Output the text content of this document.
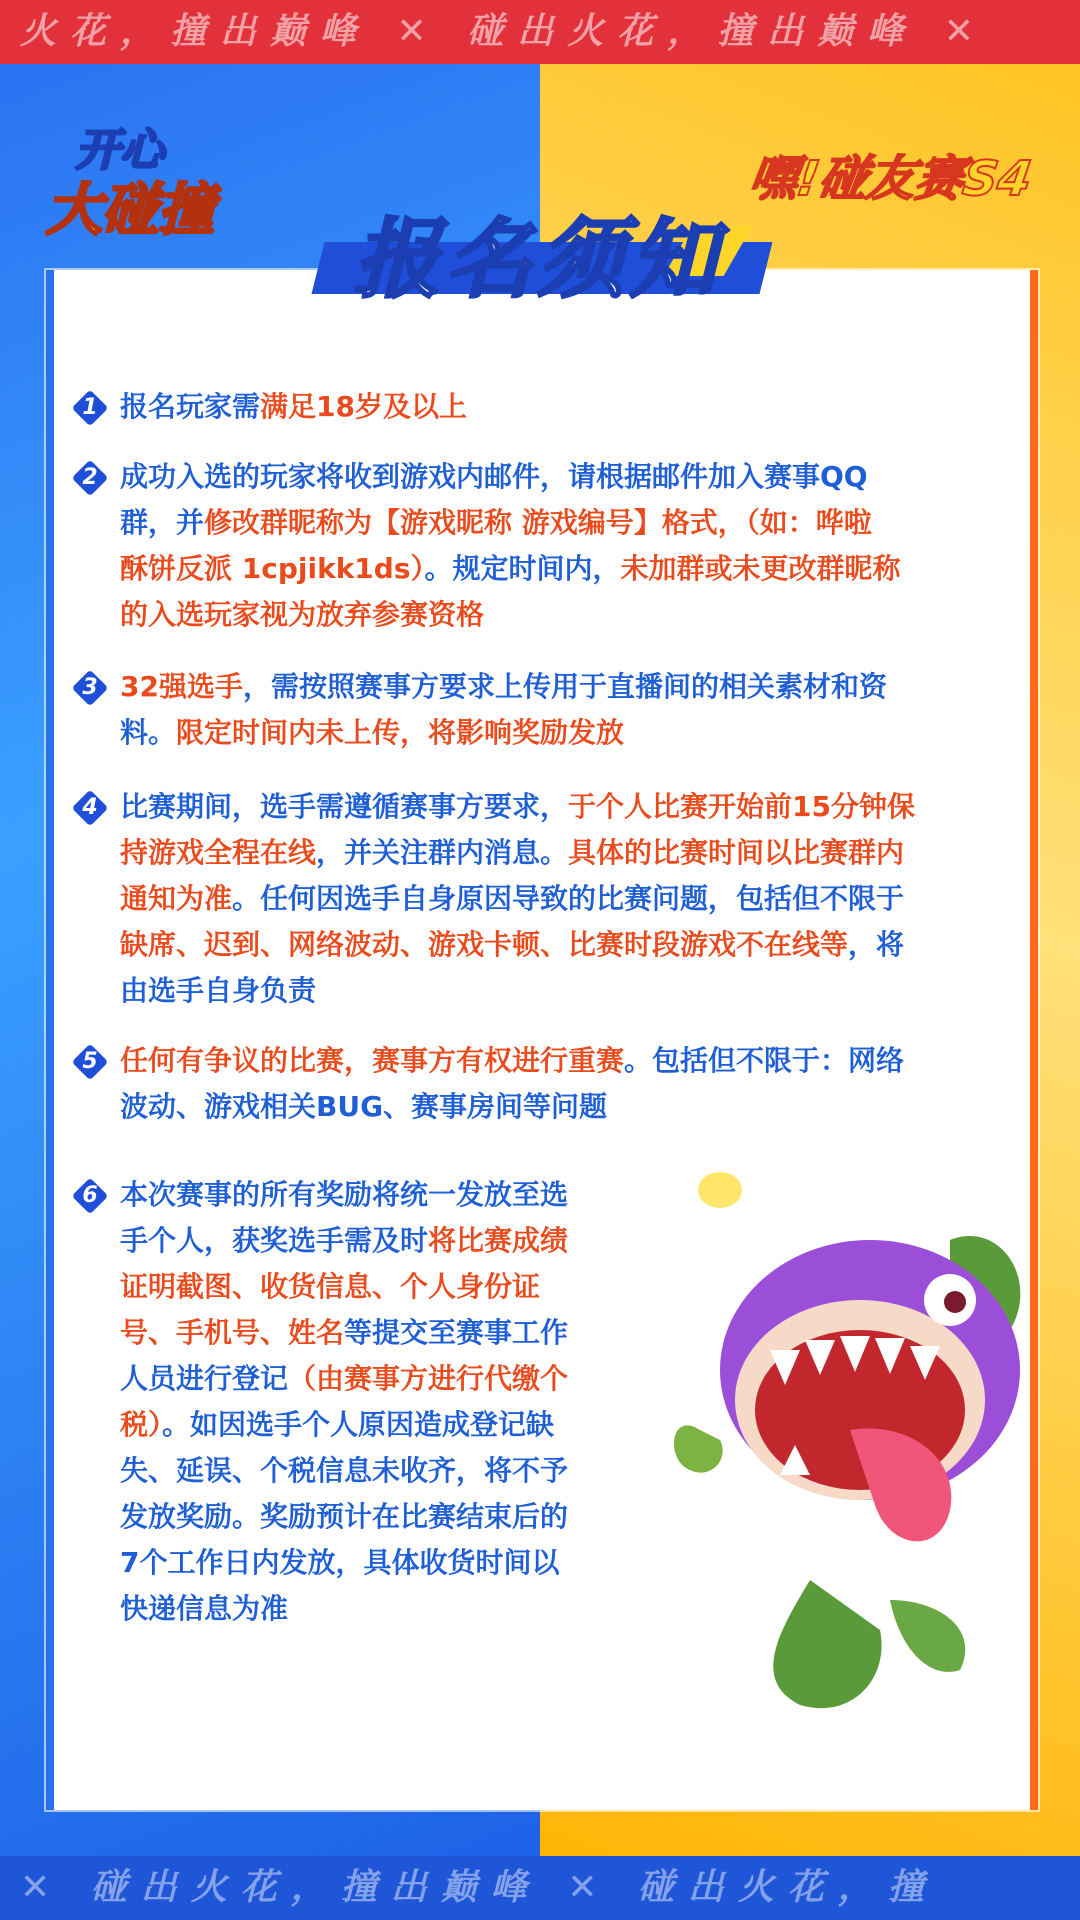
火花，撞出巅峰 ✕ 碰出火花，撞出巅峰 ✕
✕ 碰出火花，撞出巅峰 ✕ 碰出火花，撞
开心
大碰撞	嘿!碰友赛S4
报名须知
1 报名玩家需满足18岁及以上
2 成功入选的玩家将收到游戏内邮件，请根据邮件加入赛事QQ
群，并修改群昵称为【游戏昵称 游戏编号】格式，（如：哗啦
酥饼反派 1cpjikk1ds）。规定时间内，未加群或未更改群昵称
的入选玩家视为放弃参赛资格
3 32强选手，需按照赛事方要求上传用于直播间的相关素材和资
料。限定时间内未上传，将影响奖励发放
4 比赛期间，选手需遵循赛事方要求，于个人比赛开始前15分钟保
持游戏全程在线，并关注群内消息。具体的比赛时间以比赛群内
通知为准。任何因选手自身原因导致的比赛问题，包括但不限于
缺席、迟到、网络波动、游戏卡顿、比赛时段游戏不在线等，将
由选手自身负责
5 任何有争议的比赛，赛事方有权进行重赛。包括但不限于：网络
波动、游戏相关BUG、赛事房间等问题
6 本次赛事的所有奖励将统一发放至选
手个人，获奖选手需及时将比赛成绩
证明截图、收货信息、个人身份证
号、手机号、姓名等提交至赛事工作
人员进行登记（由赛事方进行代缴个
税）。如因选手个人原因造成登记缺
失、延误、个税信息未收齐，将不予
发放奖励。奖励预计在比赛结束后的
7个工作日内发放，具体收货时间以
快递信息为准
